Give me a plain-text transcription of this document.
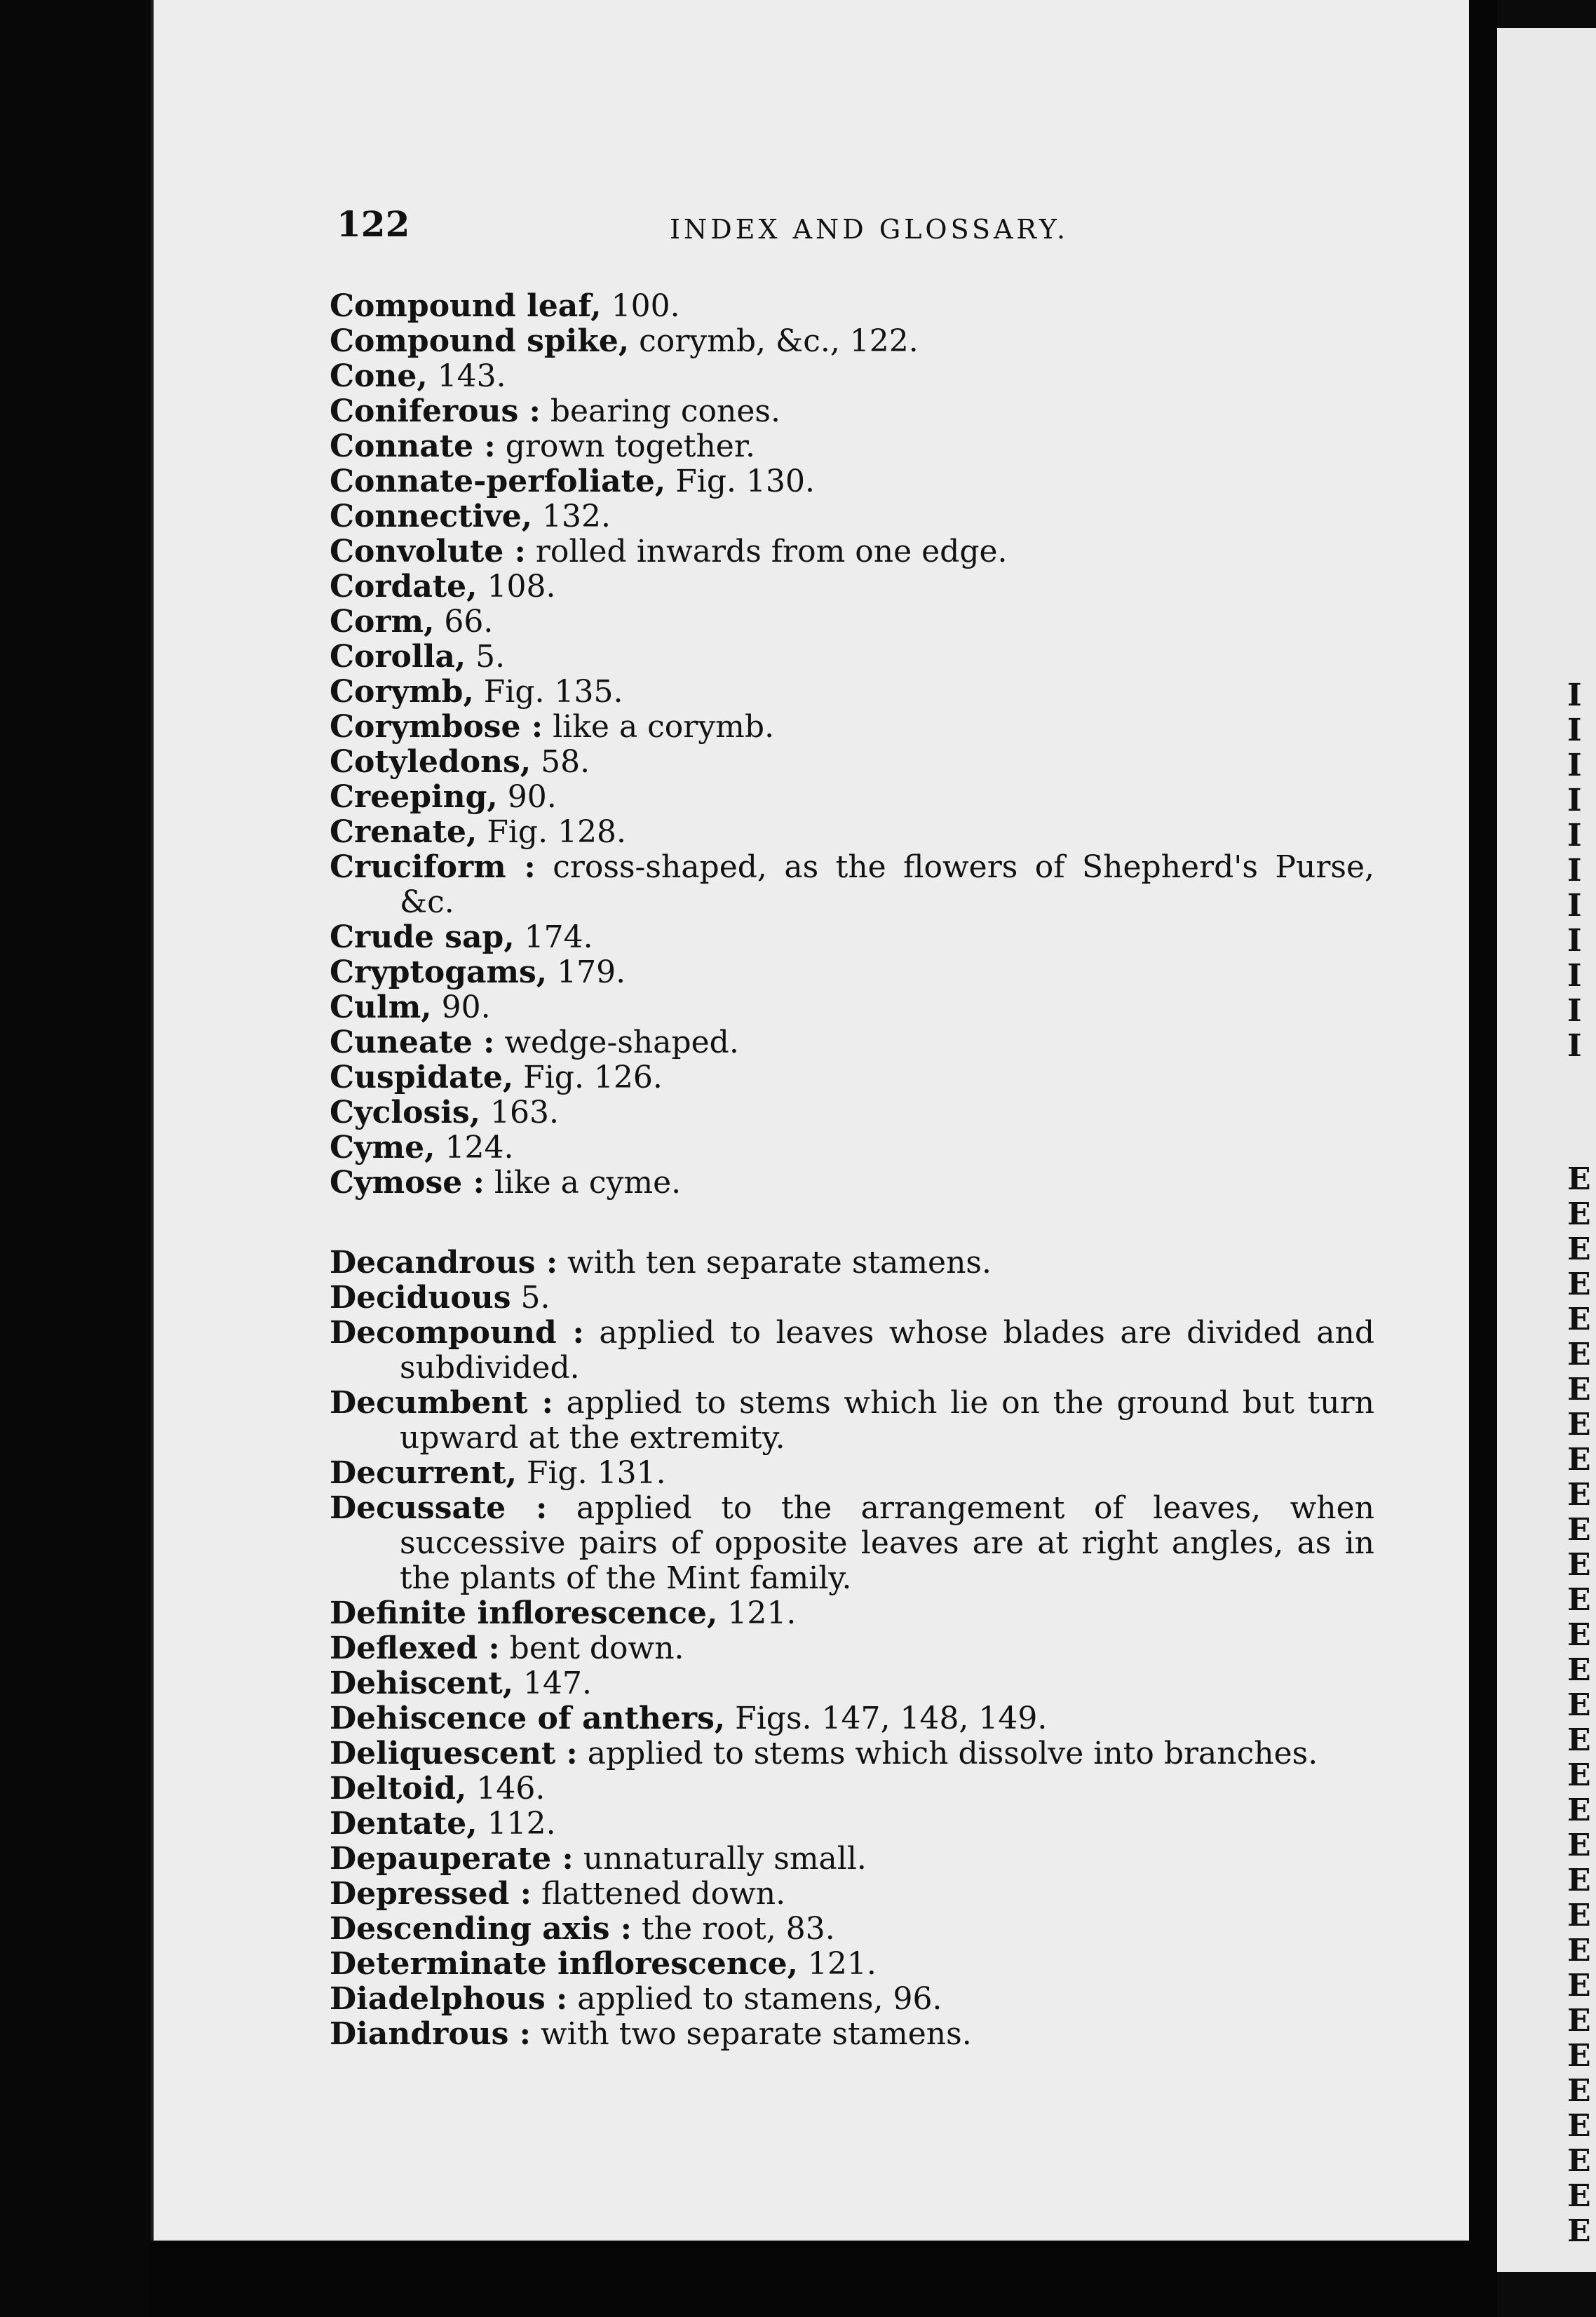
I
I
I
I
I
I
I
I
I
I
I
E
E
E
E
E
E
E
E
E
E
E
E
E
E
E
E
E
E
E
E
E
E
E
E
E
E
E
E
E
E
E
122	INDEX AND GLOSSARY.
Compound leaf, 100.
Compound spike, corymb, &c., 122.
Cone, 143.
Coniferous : bearing cones.
Connate : grown together.
Connate-perfoliate, Fig. 130.
Connective, 132.
Convolute : rolled inwards from one edge.
Cordate, 108.
Corm, 66.
Corolla, 5.
Corymb, Fig. 135.
Corymbose : like a corymb.
Cotyledons, 58.
Creeping, 90.
Crenate, Fig. 128.
Cruciform : cross-shaped, as the flowers of Shepherd's Purse, &c.
Crude sap, 174.
Cryptogams, 179.
Culm, 90.
Cuneate : wedge-shaped.
Cuspidate, Fig. 126.
Cyclosis, 163.
Cyme, 124.
Cymose : like a cyme.
Decandrous : with ten separate stamens.
Deciduous 5.
Decompound : applied to leaves whose blades are divided and subdivided.
Decumbent : applied to stems which lie on the ground but turn upward at the extremity.
Decurrent, Fig. 131.
Decussate : applied to the arrangement of leaves, when successive pairs of opposite leaves are at right angles, as in the plants of the Mint family.
Definite inflorescence, 121.
Deflexed : bent down.
Dehiscent, 147.
Dehiscence of anthers, Figs. 147, 148, 149.
Deliquescent : applied to stems which dissolve into branches.
Deltoid, 146.
Dentate, 112.
Depauperate : unnaturally small.
Depressed : flattened down.
Descending axis : the root, 83.
Determinate inflorescence, 121.
Diadelphous : applied to stamens, 96.
Diandrous : with two separate stamens.
